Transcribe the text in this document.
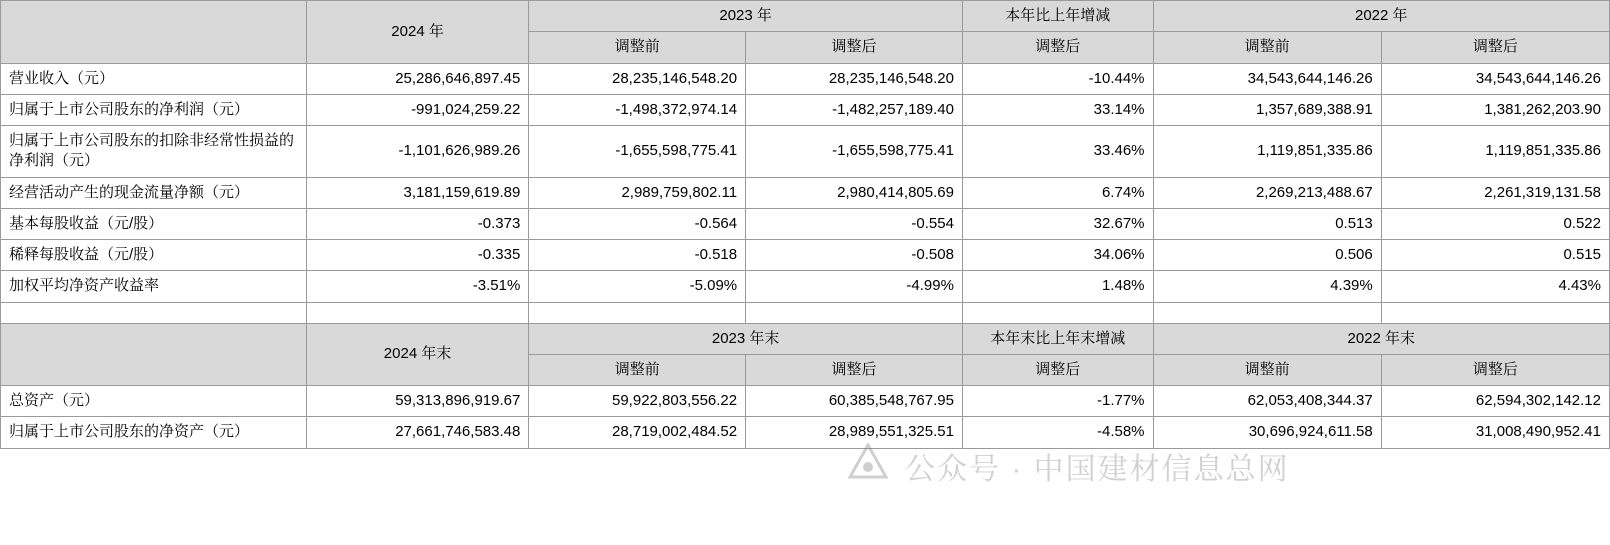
	2024 年	2023 年		本年比上年增减	2022 年	
		调整前	调整后	调整后	调整前	调整后
营业收入（元）	25,286,646,897.45	28,235,146,548.20	28,235,146,548.20	-10.44%	34,543,644,146.26	34,543,644,146.26
归属于上市公司股东的净利润（元）	-991,024,259.22	-1,498,372,974.14	-1,482,257,189.40	33.14%	1,357,689,388.91	1,381,262,203.90
归属于上市公司股东的扣除非经常性损益的净利润（元）	-1,101,626,989.26	-1,655,598,775.41	-1,655,598,775.41	33.46%	1,119,851,335.86	1,119,851,335.86
经营活动产生的现金流量净额（元）	3,181,159,619.89	2,989,759,802.11	2,980,414,805.69	6.74%	2,269,213,488.67	2,261,319,131.58
基本每股收益（元/股）	-0.373	-0.564	-0.554	32.67%	0.513	0.522
稀释每股收益（元/股）	-0.335	-0.518	-0.508	34.06%	0.506	0.515
加权平均净资产收益率	-3.51%	-5.09%	-4.99%	1.48%	4.39%	4.43%

	2024 年末	2023 年末		本年末比上年末增减	2022 年末	
		调整前	调整后	调整后	调整前	调整后
总资产（元）	59,313,896,919.67	59,922,803,556.22	60,385,548,767.95	-1.77%	62,053,408,344.37	62,594,302,142.12
归属于上市公司股东的净资产（元）	27,661,746,583.48	28,719,002,484.52	28,989,551,325.51	-4.58%	30,696,924,611.58	31,008,490,952.41
公众号 · 中国建材信息总网
